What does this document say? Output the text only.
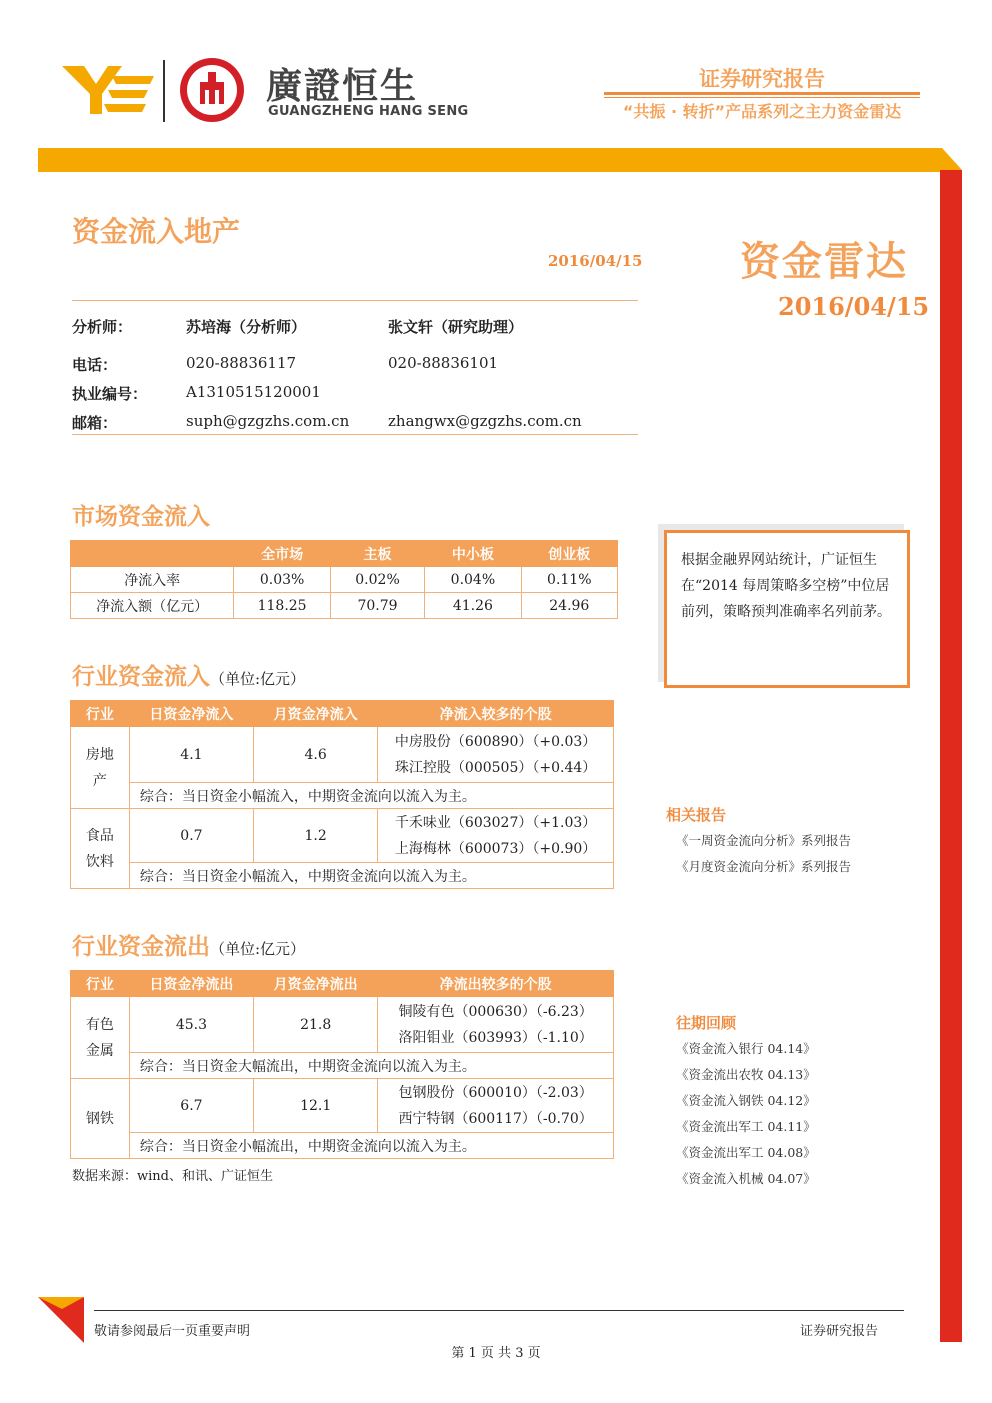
廣證恒生
GUANGZHENG HANG SENG
证券研究报告
“共振 · 转折”产品系列之主力资金雷达
资金流入地产
2016/04/15 资金雷达
2016/04/15
分析师：	苏培海（分析师）	张文轩（研究助理）
电话：	020-88836117	020-88836101
执业编号：	A1310515120001
邮箱：	suph@gzgzhs.com.cn	zhangwx@gzgzhs.com.cn
市场资金流入
	全市场	主板	中小板	创业板
净流入率	0.03%	0.02%	0.04%	0.11%
净流入额（亿元）	118.25	70.79	41.26	24.96
行业资金流入（单位:亿元）
行业	日资金净流入	月资金净流入	净流入较多的个股
房地产	4.1	4.6	中房股份（600890）（+0.03）
珠江控股（000505）（+0.44）

	综合：当日资金小幅流入，中期资金流向以流入为主。		
食品饮料	0.7	1.2	千禾味业（603027）（+1.03）
上海梅林（600073）（+0.90）

	综合：当日资金小幅流入，中期资金流向以流入为主。		
行业资金流出（单位:亿元）
行业	日资金净流出	月资金净流出	净流出较多的个股
有色金属	45.3	21.8	铜陵有色（000630）（-6.23）
洛阳钼业（603993）（-1.10）

	综合：当日资金大幅流出，中期资金流向以流入为主。		
钢铁	6.7	12.1	包钢股份（600010）（-2.03）
西宁特钢（600117）（-0.70）

	综合：当日资金小幅流出，中期资金流向以流入为主。		
数据来源：wind、和讯、广证恒生

根据金融界网站统计，广证恒生在“2014 每周策略多空榜”中位居前列，策略预判准确率名列前茅。

相关报告
《一周资金流向分析》系列报告
《月度资金流向分析》系列报告
往期回顾
《资金流入银行 04.14》
《资金流出农牧 04.13》
《资金流入钢铁 04.12》
《资金流出军工 04.11》
《资金流出军工 04.08》
《资金流入机械 04.07》
敬请参阅最后一页重要声明	证券研究报告
第 1 页 共 3 页
